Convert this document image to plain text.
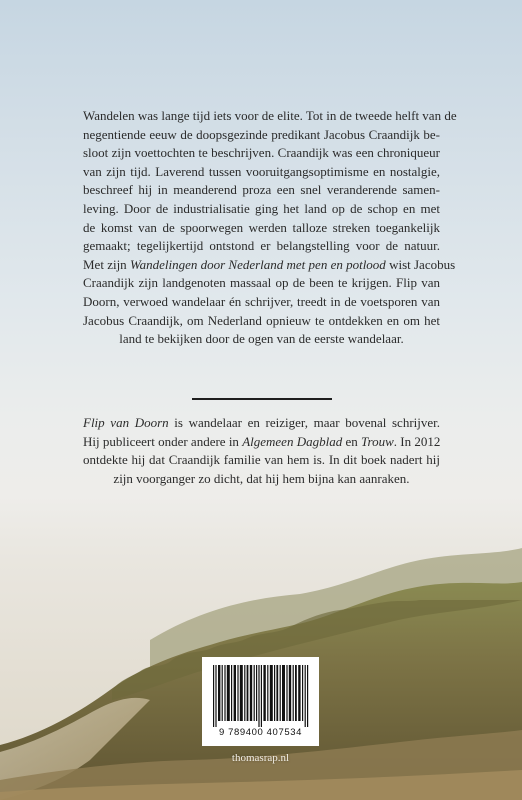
Wandelen was lange tijd iets voor de elite. Tot in de tweede helft van de
negentiende eeuw de doopsgezinde predikant Jacobus Craandijk be-
sloot zijn voettochten te beschrijven. Craandijk was een chroniqueur
van zijn tijd. Laverend tussen vooruitgangsoptimisme en nostalgie,
beschreef hij in meanderend proza een snel veranderende samen-
leving. Door de industrialisatie ging het land op de schop en met
de komst van de spoorwegen werden talloze streken toegankelijk
gemaakt; tegelijkertijd ontstond er belangstelling voor de natuur.
Met zijn Wandelingen door Nederland met pen en potlood wist Jacobus
Craandijk zijn landgenoten massaal op de been te krijgen. Flip van
Doorn, verwoed wandelaar én schrijver, treedt in de voetsporen van
Jacobus Craandijk, om Nederland opnieuw te ontdekken en om het
land te bekijken door de ogen van de eerste wandelaar.
Flip van Doorn is wandelaar en reiziger, maar bovenal schrijver.
Hij publiceert onder andere in Algemeen Dagblad en Trouw. In 2012
ontdekte hij dat Craandijk familie van hem is. In dit boek nadert hij
zijn voorganger zo dicht, dat hij hem bijna kan aanraken.
9 789400 407534
thomasrap.nl
